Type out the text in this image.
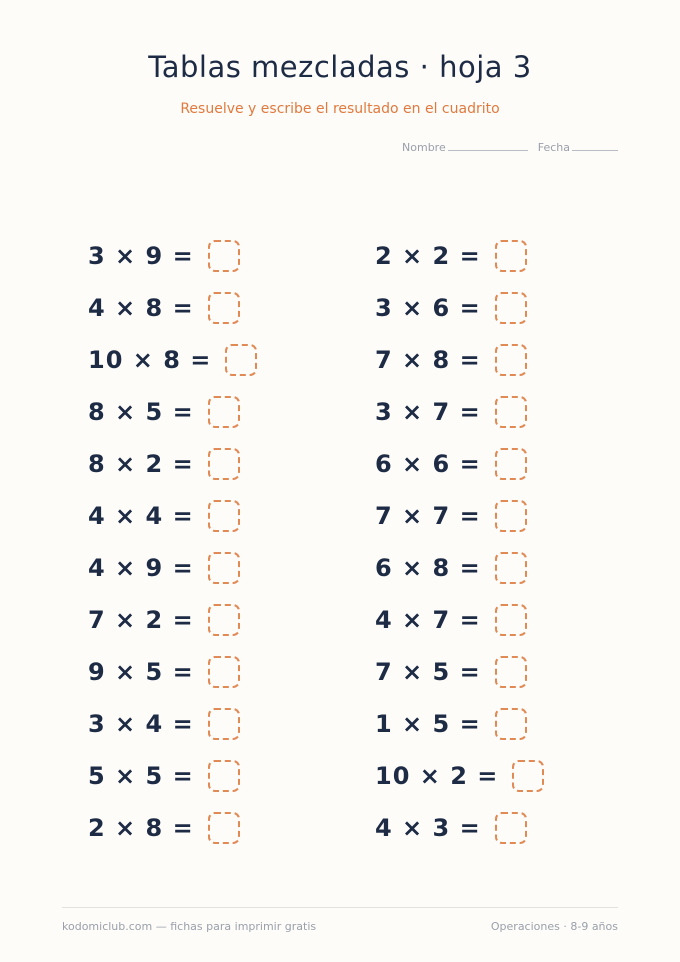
Tablas mezcladas · hoja 3
Resuelve y escribe el resultado en el cuadrito
Nombre	Fecha
3 × 9 =
4 × 8 =
10 × 8 =
8 × 5 =
8 × 2 =
4 × 4 =
4 × 9 =
7 × 2 =
9 × 5 =
3 × 4 =
5 × 5 =
2 × 8 =
2 × 2 =
3 × 6 =
7 × 8 =
3 × 7 =
6 × 6 =
7 × 7 =
6 × 8 =
4 × 7 =
7 × 5 =
1 × 5 =
10 × 2 =
4 × 3 =
kodomiclub.com — fichas para imprimir gratis	Operaciones · 8-9 años
